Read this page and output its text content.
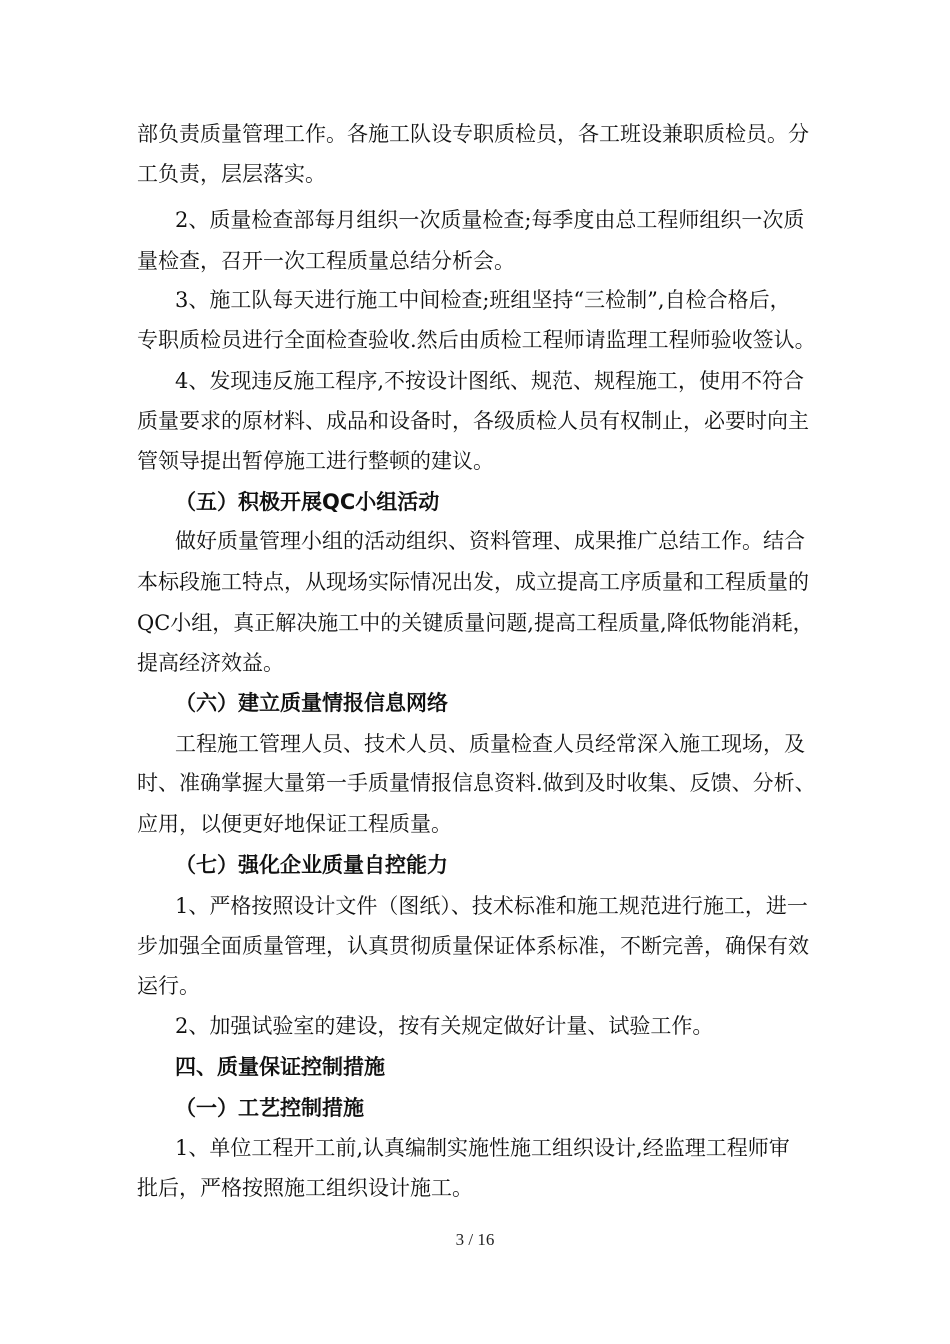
部负责质量管理工作。各施工队设专职质检员，各工班设兼职质检员。分
工负责，层层落实。
2、质量检查部每月组织一次质量检查;每季度由总工程师组织一次质
量检查，召开一次工程质量总结分析会。
3、施工队每天进行施工中间检查;班组坚持“三检制”,自检合格后，
专职质检员进行全面检查验收.然后由质检工程师请监理工程师验收签认。
4、发现违反施工程序,不按设计图纸、规范、规程施工，使用不符合
质量要求的原材料、成品和设备时，各级质检人员有权制止，必要时向主
管领导提出暂停施工进行整顿的建议。
（五）积极开展QC小组活动
做好质量管理小组的活动组织、资料管理、成果推广总结工作。结合
本标段施工特点，从现场实际情况出发，成立提高工序质量和工程质量的
QC小组，真正解决施工中的关键质量问题,提高工程质量,降低物能消耗，
提高经济效益。
（六）建立质量情报信息网络
工程施工管理人员、技术人员、质量检查人员经常深入施工现场，及
时、准确掌握大量第一手质量情报信息资料.做到及时收集、反馈、分析、
应用，以便更好地保证工程质量。
（七）强化企业质量自控能力
1、严格按照设计文件（图纸）、技术标准和施工规范进行施工，进一
步加强全面质量管理，认真贯彻质量保证体系标准，不断完善，确保有效
运行。
2、加强试验室的建设，按有关规定做好计量、试验工作。
四、质量保证控制措施
（一）工艺控制措施
1、单位工程开工前,认真编制实施性施工组织设计,经监理工程师审
批后，严格按照施工组织设计施工。
3 / 16
